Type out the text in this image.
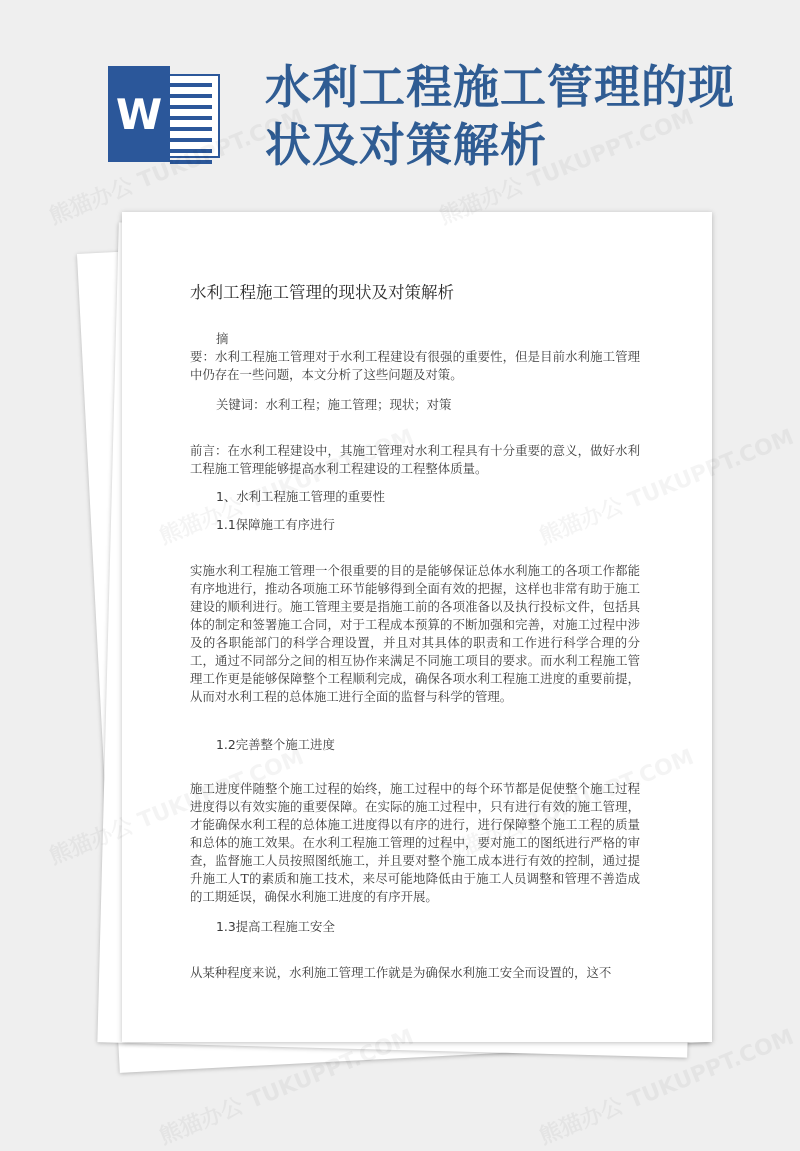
W 水利工程施工管理的现状及对策解析
水利工程施工管理的现状及对策解析

摘

要：水利工程施工管理对于水利工程建设有很强的重要性，但是目前水利施工管理中仍存在一些问题，本文分析了这些问题及对策。

关键词：水利工程；施工管理；现状；对策

前言：在水利工程建设中，其施工管理对水利工程具有十分重要的意义，做好水利工程施工管理能够提高水利工程建设的工程整体质量。

1、水利工程施工管理的重要性
1.1保障施工有序进行

实施水利工程施工管理一个很重要的目的是能够保证总体水利施工的各项工作都能有序地进行，推动各项施工环节能够得到全面有效的把握，这样也非常有助于施工建设的顺利进行。施工管理主要是指施工前的各项准备以及执行投标文件，包括具体的制定和签署施工合同，对于工程成本预算的不断加强和完善，对施工过程中涉及的各职能部门的科学合理设置，并且对其具体的职责和工作进行科学合理的分工，通过不同部分之间的相互协作来满足不同施工项目的要求。而水利工程施工管理工作更是能够保障整个工程顺利完成，确保各项水利工程施工进度的重要前提，从而对水利工程的总体施工进行全面的监督与科学的管理。

1.2完善整个施工进度

施工进度伴随整个施工过程的始终，施工过程中的每个环节都是促使整个施工过程进度得以有效实施的重要保障。在实际的施工过程中，只有进行有效的施工管理，才能确保水利工程的总体施工进度得以有序的进行，进行保障整个施工工程的质量和总体的施工效果。在水利工程施工管理的过程中，要对施工的图纸进行严格的审查，监督施工人员按照图纸施工，并且要对整个施工成本进行有效的控制，通过提升施工人T的素质和施工技术，来尽可能地降低由于施工人员调整和管理不善造成的工期延误，确保水利施工进度的有序开展。

1.3提高工程施工安全

从某种程度来说，水利施工管理工作就是为确保水利施工安全而设置的，这不
